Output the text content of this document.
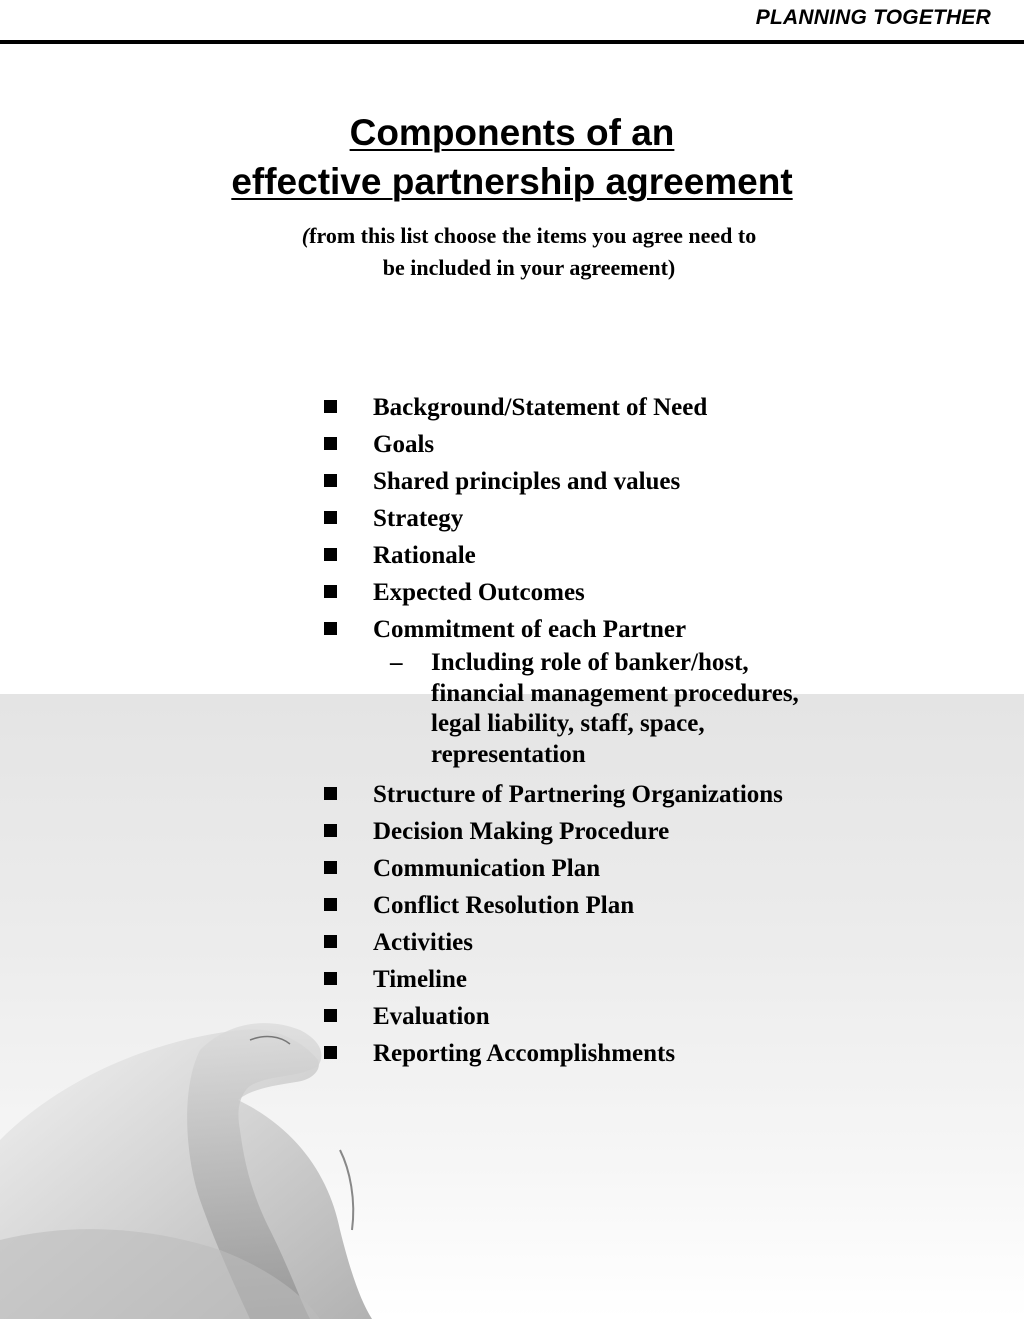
PLANNING TOGETHER
Components of an
effective partnership agreement
(from this list choose the items you agree need to
be included in your agreement)
Background/Statement of Need
Goals
Shared principles and values
Strategy
Rationale
Expected Outcomes
Commitment of each Partner
– Including role of banker/host,
financial management procedures,
legal liability, staff, space,
representation
Structure of Partnering Organizations
Decision Making Procedure
Communication Plan
Conflict Resolution Plan
Activities
Timeline
Evaluation
Reporting Accomplishments
